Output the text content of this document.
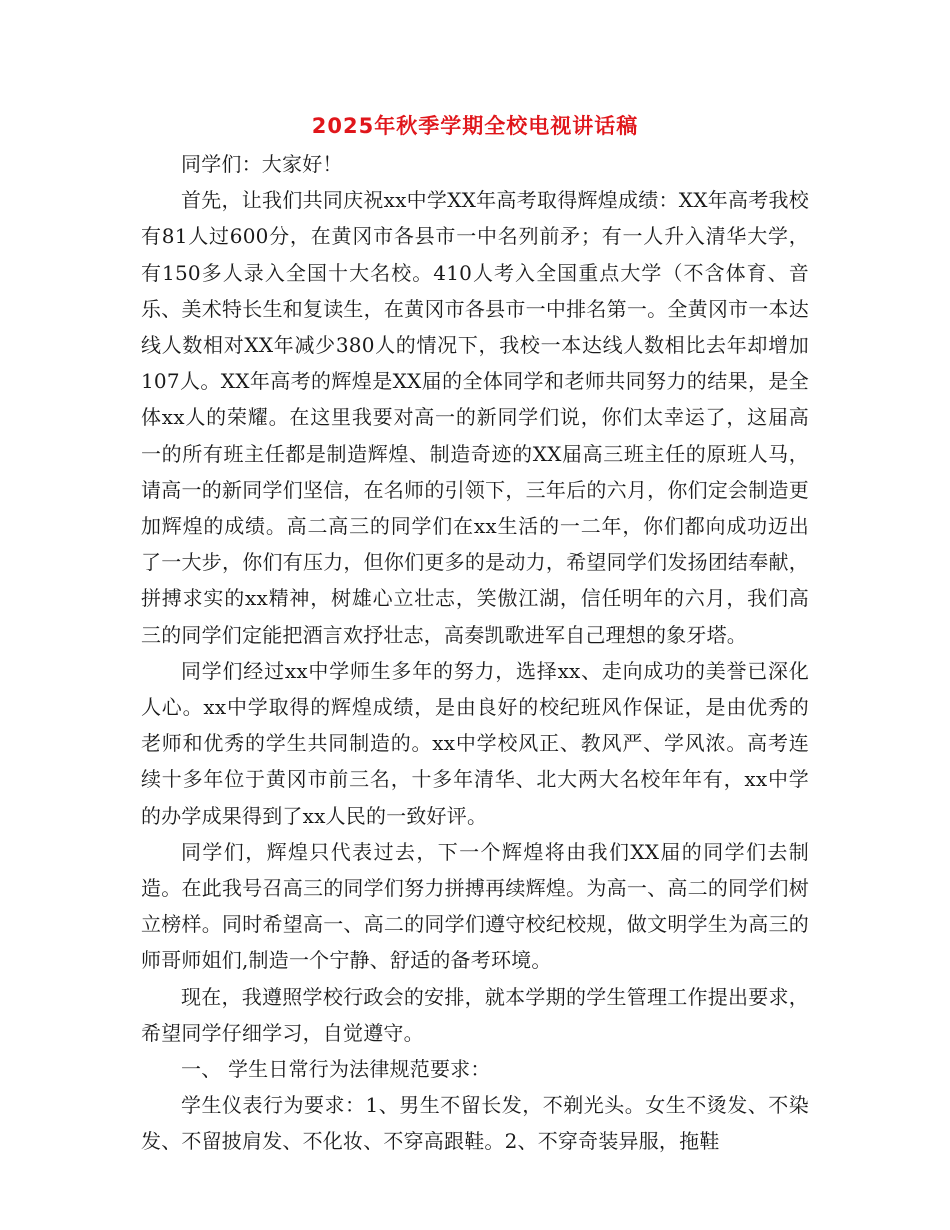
2025年秋季学期全校电视讲话稿

同学们：大家好！

首先，让我们共同庆祝xx中学XX年高考取得辉煌成绩：XX年高考我校有81人过600分，在黄冈市各县市一中名列前矛；有一人升入清华大学，有150多人录入全国十大名校。410人考入全国重点大学（不含体育、音乐、美术特长生和复读生，在黄冈市各县市一中排名第一。全黄冈市一本达线人数相对XX年减少380人的情况下，我校一本达线人数相比去年却增加107人。XX年高考的辉煌是XX届的全体同学和老师共同努力的结果，是全体xx人的荣耀。在这里我要对高一的新同学们说，你们太幸运了，这届高一的所有班主任都是制造辉煌、制造奇迹的XX届高三班主任的原班人马，请高一的新同学们坚信，在名师的引领下，三年后的六月，你们定会制造更加辉煌的成绩。高二高三的同学们在xx生活的一二年，你们都向成功迈出了一大步，你们有压力，但你们更多的是动力，希望同学们发扬团结奉献，拼搏求实的xx精神，树雄心立壮志，笑傲江湖，信任明年的六月，我们高三的同学们定能把酒言欢抒壮志，高奏凯歌进军自己理想的象牙塔。

同学们经过xx中学师生多年的努力，选择xx、走向成功的美誉已深化人心。xx中学取得的辉煌成绩，是由良好的校纪班风作保证，是由优秀的老师和优秀的学生共同制造的。xx中学校风正、教风严、学风浓。高考连续十多年位于黄冈市前三名，十多年清华、北大两大名校年年有，xx中学的办学成果得到了xx人民的一致好评。

同学们，辉煌只代表过去，下一个辉煌将由我们XX届的同学们去制造。在此我号召高三的同学们努力拼搏再续辉煌。为高一、高二的同学们树立榜样。同时希望高一、高二的同学们遵守校纪校规，做文明学生为高三的师哥师姐们,制造一个宁静、舒适的备考环境。

现在，我遵照学校行政会的安排，就本学期的学生管理工作提出要求，希望同学仔细学习，自觉遵守。

一、 学生日常行为法律规范要求：

学生仪表行为要求：1、男生不留长发，不剃光头。女生不烫发、不染发、不留披肩发、不化妆、不穿高跟鞋。2、不穿奇装异服，拖鞋
